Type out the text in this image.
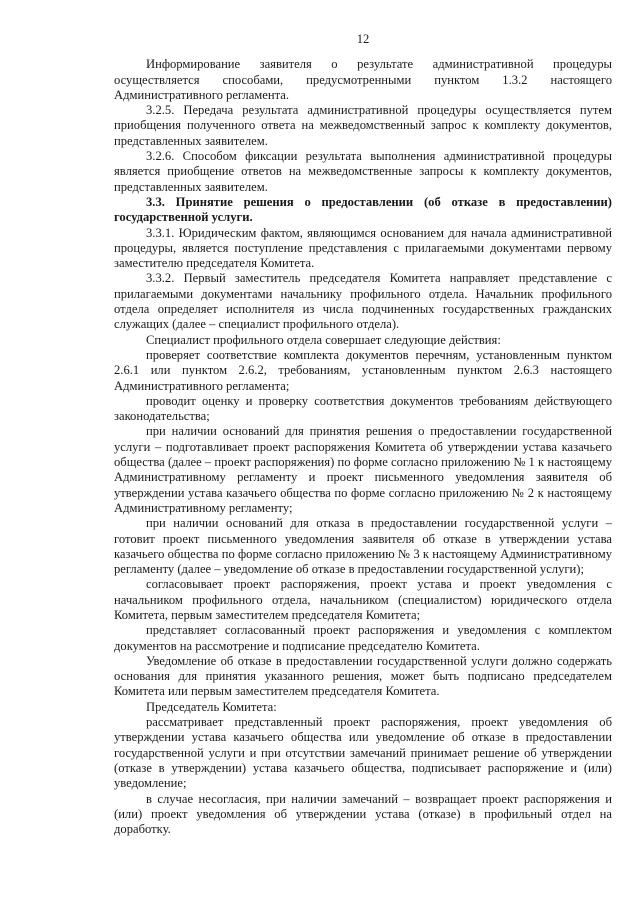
12

Информирование заявителя о результате административной процедуры осуществляется способами, предусмотренными пунктом 1.3.2 настоящего Административного регламента.

3.2.5. Передача результата административной процедуры осуществляется путем приобщения полученного ответа на межведомственный запрос к комплекту документов, представленных заявителем.

3.2.6. Способом фиксации результата выполнения административной процедуры является приобщение ответов на межведомственные запросы к комплекту документов, представленных заявителем.

3.3. Принятие решения о предоставлении (об отказе в предоставлении) государственной услуги.

3.3.1. Юридическим фактом, являющимся основанием для начала административной процедуры, является поступление представления с прилагаемыми документами первому заместителю председателя Комитета.

3.3.2. Первый заместитель председателя Комитета направляет представление с прилагаемыми документами начальнику профильного отдела. Начальник профильного отдела определяет исполнителя из числа подчиненных государственных гражданских служащих (далее – специалист профильного отдела).

Специалист профильного отдела совершает следующие действия:

проверяет соответствие комплекта документов перечням, установленным пунктом 2.6.1 или пунктом 2.6.2, требованиям, установленным пунктом 2.6.3 настоящего Административного регламента;

проводит оценку и проверку соответствия документов требованиям действующего законодательства;

при наличии оснований для принятия решения о предоставлении государственной услуги – подготавливает проект распоряжения Комитета об утверждении устава казачьего общества (далее – проект распоряжения) по форме согласно приложению № 1 к настоящему Административному регламенту и проект письменного уведомления заявителя об утверждении устава казачьего общества по форме согласно приложению № 2 к настоящему Административному регламенту;

при наличии оснований для отказа в предоставлении государственной услуги – готовит проект письменного уведомления заявителя об отказе в утверждении устава казачьего общества по форме согласно приложению № 3 к настоящему Административному регламенту (далее – уведомление об отказе в предоставлении государственной услуги);

согласовывает проект распоряжения, проект устава и проект уведомления с начальником профильного отдела, начальником (специалистом) юридического отдела Комитета, первым заместителем председателя Комитета;

представляет согласованный проект распоряжения и уведомления с комплектом документов на рассмотрение и подписание председателю Комитета.

Уведомление об отказе в предоставлении государственной услуги должно содержать основания для принятия указанного решения, может быть подписано председателем Комитета или первым заместителем председателя Комитета.

Председатель Комитета:

рассматривает представленный проект распоряжения, проект уведомления об утверждении устава казачьего общества или уведомление об отказе в предоставлении государственной услуги и при отсутствии замечаний принимает решение об утверждении (отказе в утверждении) устава казачьего общества, подписывает распоряжение и (или) уведомление;

в случае несогласия, при наличии замечаний – возвращает проект распоряжения и (или) проект уведомления об утверждении устава (отказе) в профильный отдел на доработку.
